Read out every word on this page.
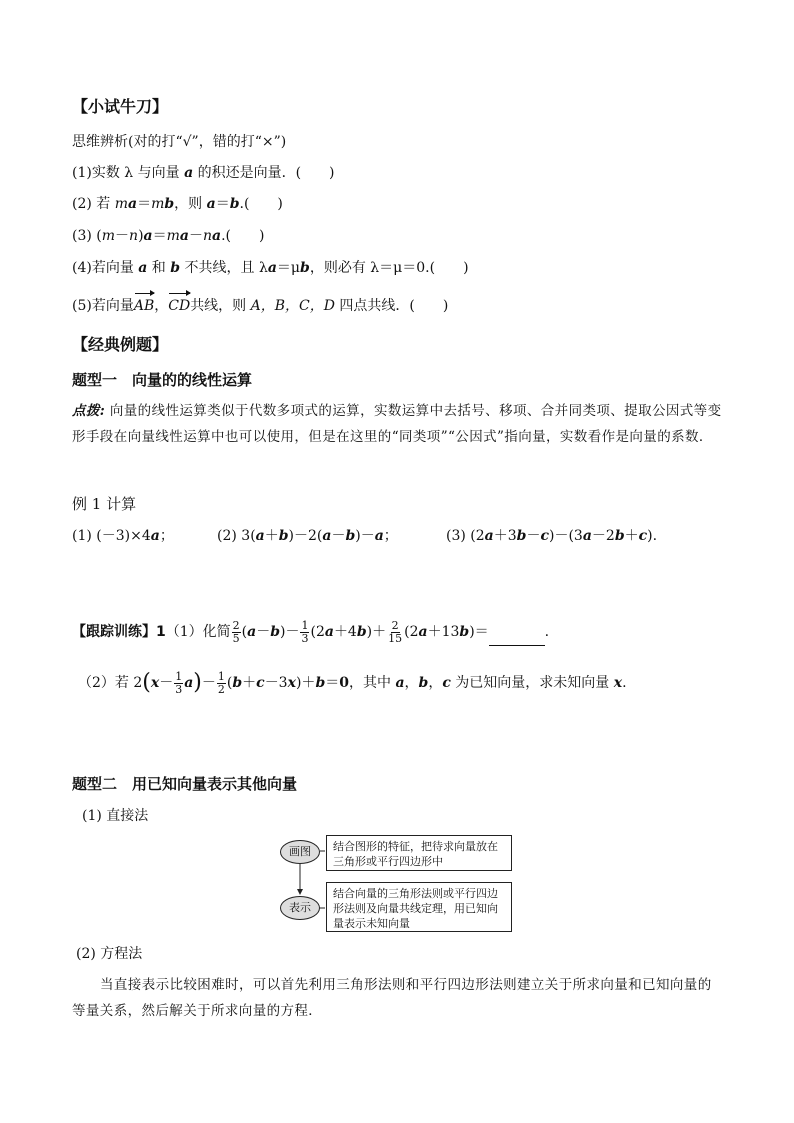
【小试牛刀】
思维辨析(对的打“√”，错的打“×”)
(1)实数 λ 与向量 a 的积还是向量．(　　)
(2) 若 ma＝mb，则 a＝b.(　　)
(3) (m－n)a＝ma－na.(　　)
(4)若向量 a 和 b 不共线，且 λa＝μb，则必有 λ＝μ＝0.(　　)
(5)若向量AB，CD共线，则 A，B，C，D 四点共线．(　　)
【经典例题】
题型一　向量的的线性运算
点拨: 向量的线性运算类似于代数多项式的运算，实数运算中去括号、移项、合并同类项、提取公因式等变形手段在向量线性运算中也可以使用，但是在这里的“同类项”“公因式”指向量，实数看作是向量的系数．
例 1 计算
(1) (－3)×4a；	(2) 3(a＋b)－2(a－b)－a；	(3) (2a＋3b－c)－(3a－2b＋c).
【跟踪训练】1（1）化简 $\frac{2}{5} (a-b)- \frac{1}{3} (2a+4b)+ \frac{2}{15} (2a+13b)=$	.
（2）若 $2(x- \frac{1}{3} a)- \frac{1}{2} (b+c-3x)+b=0$，其中 a，b，c 为已知向量，求未知向量 x.
题型二　用已知向量表示其他向量
(1) 直接法
画图
表示
结合图形的特征，把待求向量放在三角形或平行四边形中
结合向量的三角形法则或平行四边形法则及向量共线定理，用已知向量表示未知向量
(2) 方程法
当直接表示比较困难时，可以首先利用三角形法则和平行四边形法则建立关于所求向量和已知向量的等量关系，然后解关于所求向量的方程．
